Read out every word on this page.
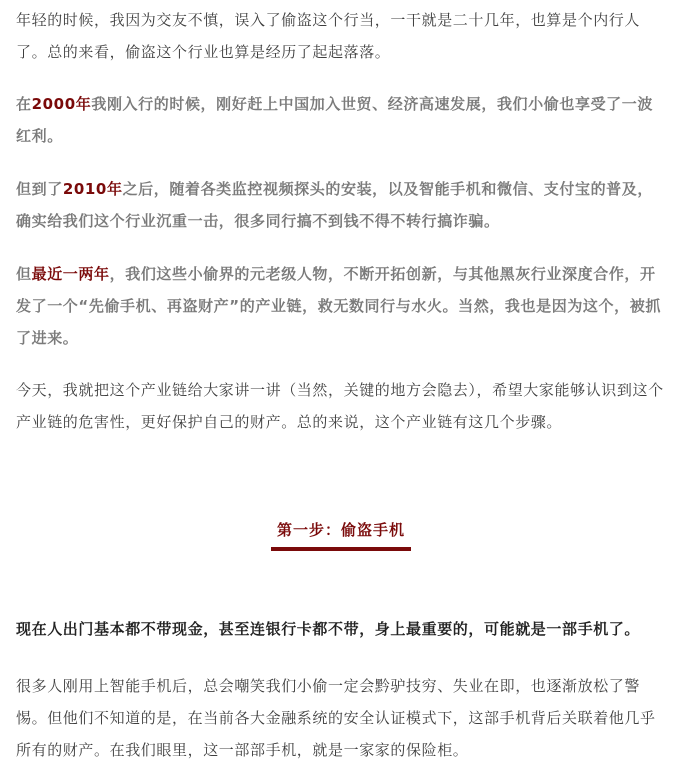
年轻的时候，我因为交友不慎，误入了偷盗这个行当，一干就是二十几年，也算是个内行人了。总的来看，偷盗这个行业也算是经历了起起落落。

在2000年我刚入行的时候，刚好赶上中国加入世贸、经济高速发展，我们小偷也享受了一波红利。

但到了2010年之后，随着各类监控视频探头的安装，以及智能手机和微信、支付宝的普及，确实给我们这个行业沉重一击，很多同行搞不到钱不得不转行搞诈骗。

但最近一两年，我们这些小偷界的元老级人物，不断开拓创新，与其他黑灰行业深度合作，开发了一个“先偷手机、再盗财产”的产业链，救无数同行与水火。当然，我也是因为这个，被抓了进来。

今天，我就把这个产业链给大家讲一讲（当然，关键的地方会隐去），希望大家能够认识到这个产业链的危害性，更好保护自己的财产。总的来说，这个产业链有这几个步骤。

第一步：偷盗手机

现在人出门基本都不带现金，甚至连银行卡都不带，身上最重要的，可能就是一部手机了。

很多人刚用上智能手机后，总会嘲笑我们小偷一定会黔驴技穷、失业在即，也逐渐放松了警惕。但他们不知道的是，在当前各大金融系统的安全认证模式下，这部手机背后关联着他几乎所有的财产。在我们眼里，这一部部手机，就是一家家的保险柜。
